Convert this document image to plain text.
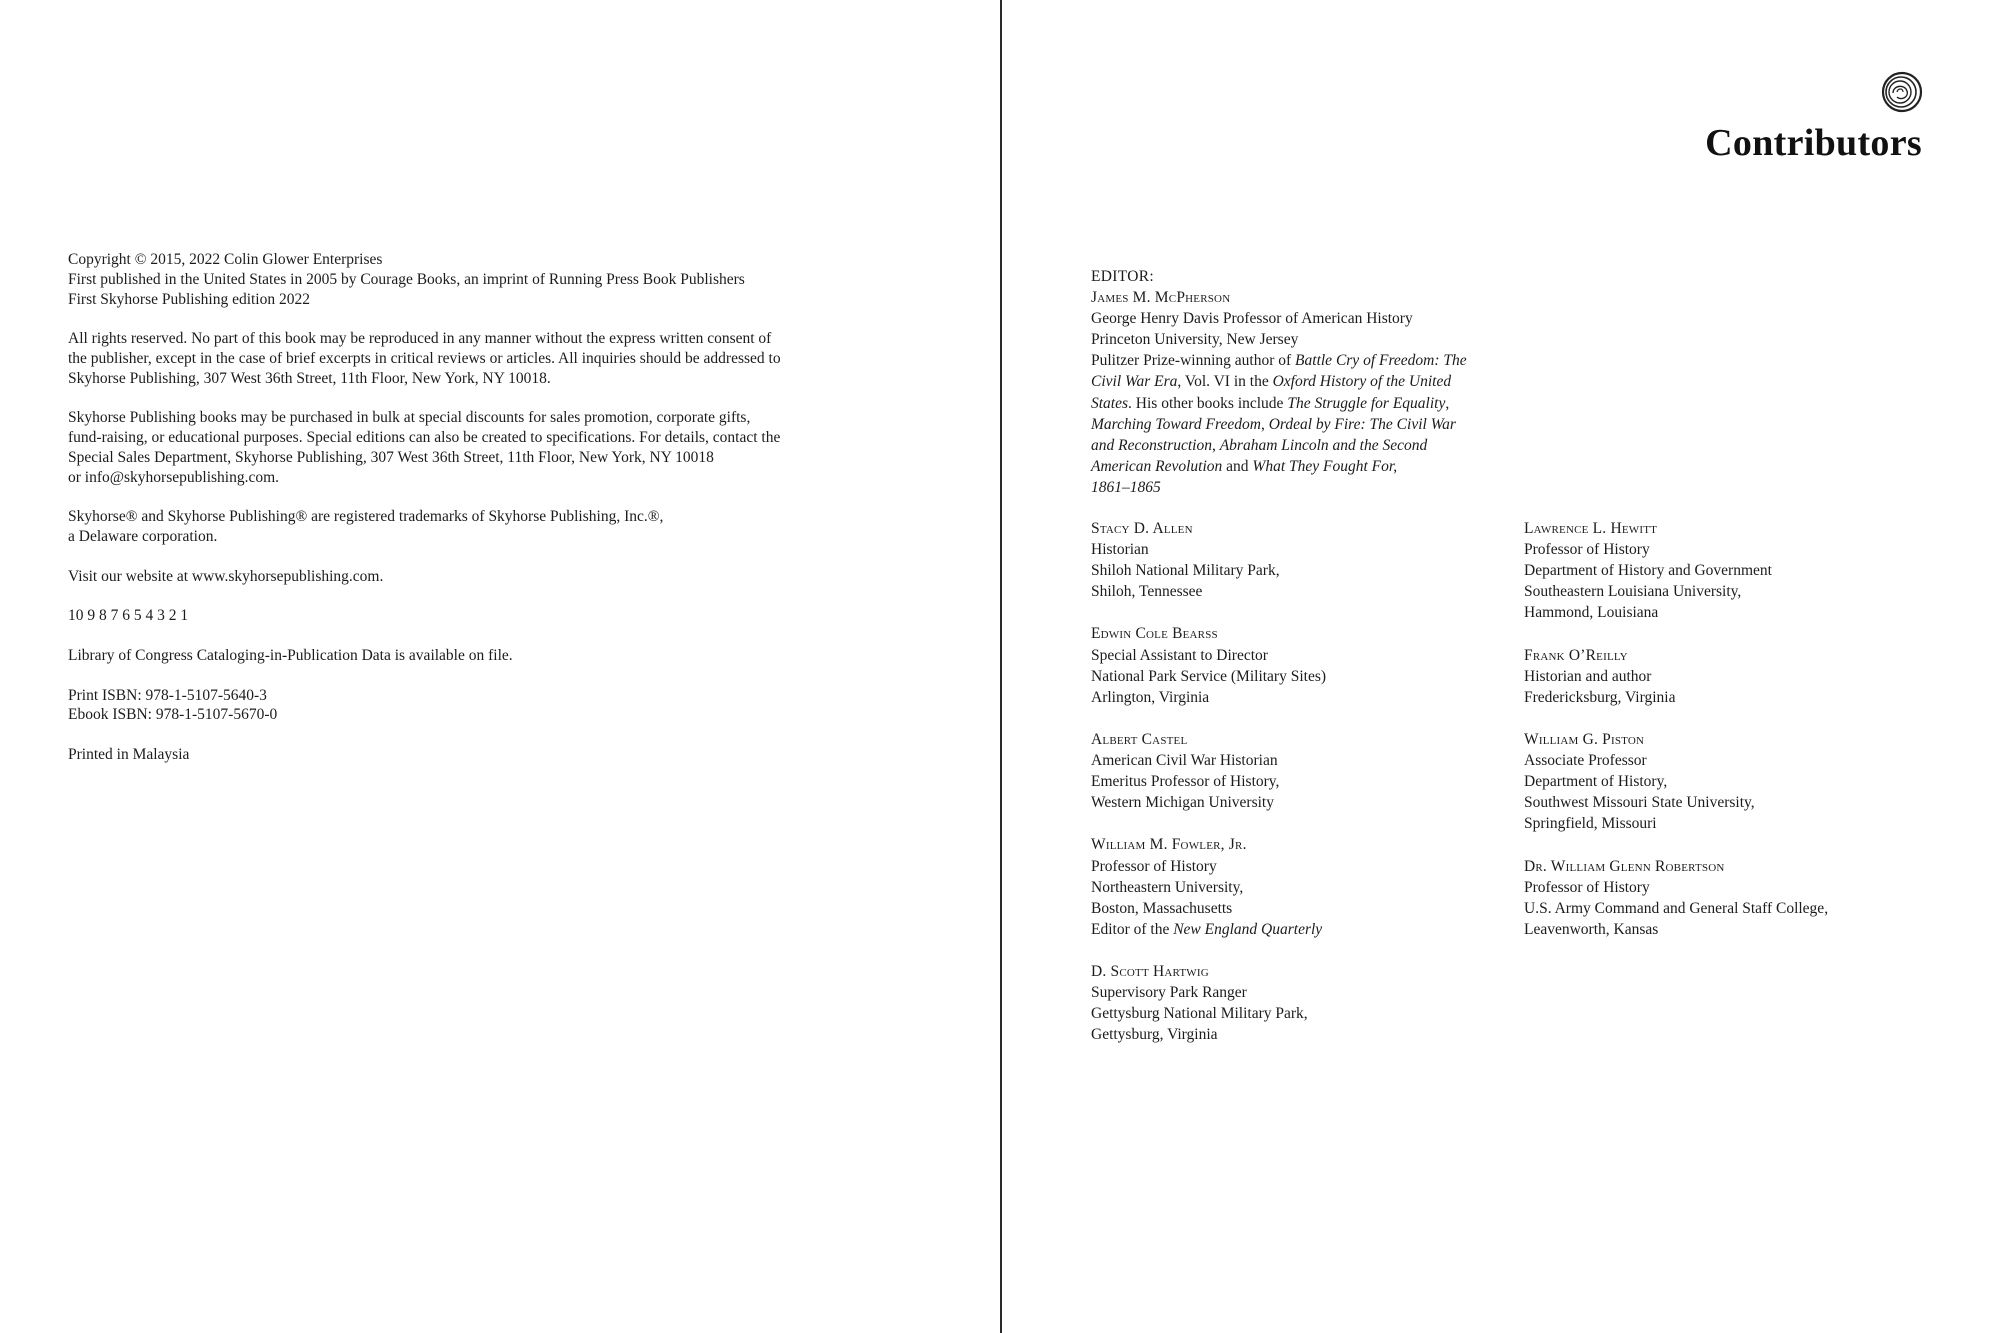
Copyright © 2015, 2022 Colin Glower Enterprises
First published in the United States in 2005 by Courage Books, an imprint of Running Press Book Publishers
First Skyhorse Publishing edition 2022

All rights reserved. No part of this book may be reproduced in any manner without the express written consent of
the publisher, except in the case of brief excerpts in critical reviews or articles. All inquiries should be addressed to
Skyhorse Publishing, 307 West 36th Street, 11th Floor, New York, NY 10018.

Skyhorse Publishing books may be purchased in bulk at special discounts for sales promotion, corporate gifts,
fund-raising, or educational purposes. Special editions can also be created to specifications. For details, contact the
Special Sales Department, Skyhorse Publishing, 307 West 36th Street, 11th Floor, New York, NY 10018
or info@skyhorsepublishing.com.

Skyhorse® and Skyhorse Publishing® are registered trademarks of Skyhorse Publishing, Inc.®,
a Delaware corporation.

Visit our website at www.skyhorsepublishing.com.

10 9 8 7 6 5 4 3 2 1

Library of Congress Cataloging-in-Publication Data is available on file.

Print ISBN: 978-1-5107-5640-3
Ebook ISBN: 978-1-5107-5670-0

Printed in Malaysia

Contributors
EDITOR:
James M. McPherson
George Henry Davis Professor of American History
Princeton University, New Jersey
Pulitzer Prize-winning author of Battle Cry of Freedom: The
Civil War Era, Vol. VI in the Oxford History of the United
States. His other books include The Struggle for Equality,
Marching Toward Freedom, Ordeal by Fire: The Civil War
and Reconstruction, Abraham Lincoln and the Second
American Revolution and What They Fought For,
1861–1865
Stacy D. Allen
Historian
Shiloh National Military Park,
Shiloh, Tennessee
Edwin Cole Bearss
Special Assistant to Director
National Park Service (Military Sites)
Arlington, Virginia
Albert Castel
American Civil War Historian
Emeritus Professor of History,
Western Michigan University
William M. Fowler, Jr.
Professor of History
Northeastern University,
Boston, Massachusetts
Editor of the New England Quarterly
D. Scott Hartwig
Supervisory Park Ranger
Gettysburg National Military Park,
Gettysburg, Virginia
Lawrence L. Hewitt
Professor of History
Department of History and Government
Southeastern Louisiana University,
Hammond, Louisiana
Frank O’Reilly
Historian and author
Fredericksburg, Virginia
William G. Piston
Associate Professor
Department of History,
Southwest Missouri State University,
Springfield, Missouri
Dr. William Glenn Robertson
Professor of History
U.S. Army Command and General Staff College,
Leavenworth, Kansas
